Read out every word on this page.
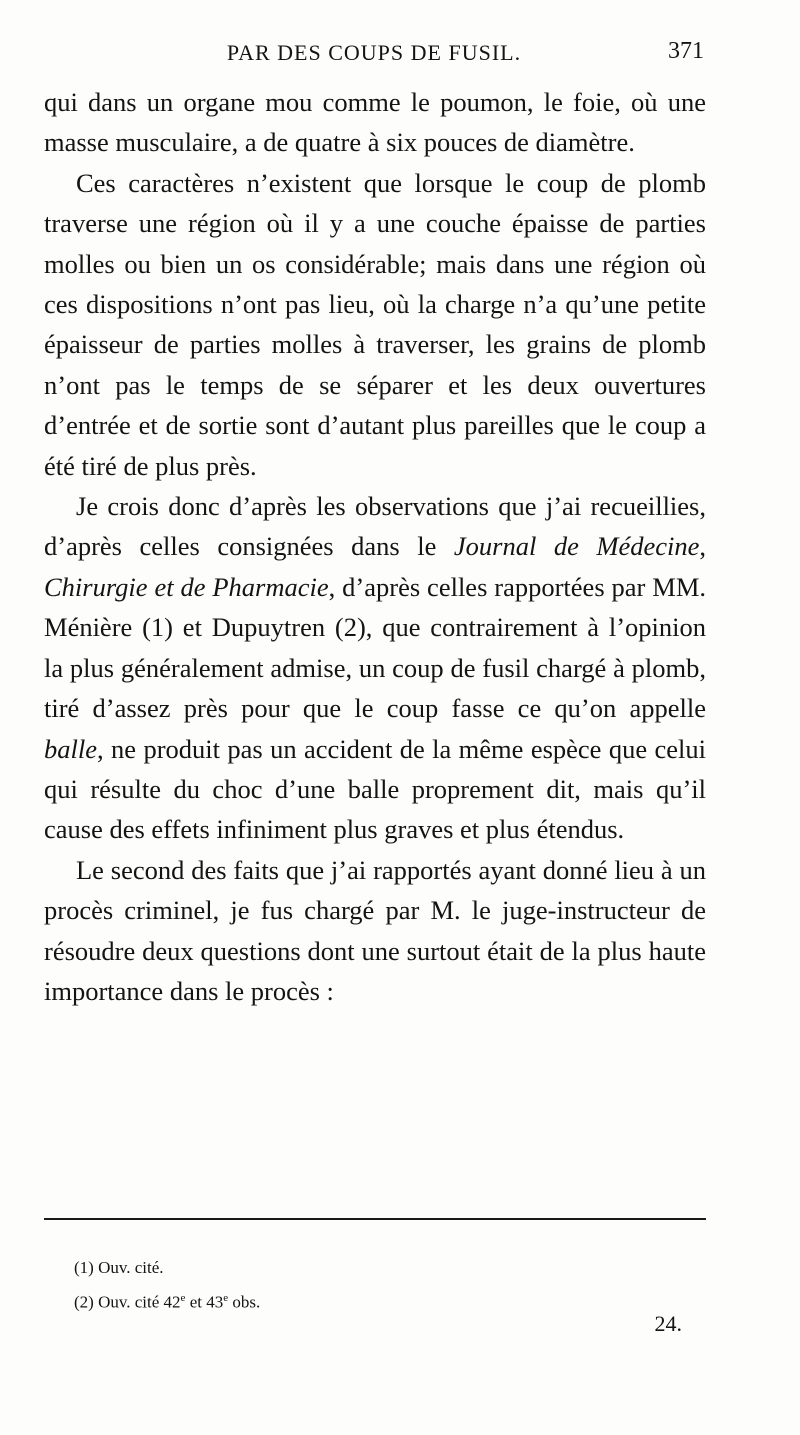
PAR DES COUPS DE FUSIL.	371

qui dans un organe mou comme le poumon, le foie, où une masse musculaire, a de quatre à six pouces de diamètre.

Ces caractères n’existent que lorsque le coup de plomb traverse une région où il y a une couche épaisse de parties molles ou bien un os considérable; mais dans une région où ces dispositions n’ont pas lieu, où la charge n’a qu’une petite épaisseur de parties molles à traverser, les grains de plomb n’ont pas le temps de se séparer et les deux ouvertures d’entrée et de sortie sont d’autant plus pareilles que le coup a été tiré de plus près.

Je crois donc d’après les observations que j’ai recueillies, d’après celles consignées dans le Journal de Médecine, Chirurgie et de Pharmacie, d’après celles rapportées par MM. Ménière (1) et Dupuytren (2), que contrairement à l’opinion la plus généralement admise, un coup de fusil chargé à plomb, tiré d’assez près pour que le coup fasse ce qu’on appelle balle, ne produit pas un accident de la même espèce que celui qui résulte du choc d’une balle proprement dit, mais qu’il cause des effets infiniment plus graves et plus étendus.

Le second des faits que j’ai rapportés ayant donné lieu à un procès criminel, je fus chargé par M. le juge-instructeur de résoudre deux questions dont une surtout était de la plus haute importance dans le procès :

(1) Ouv. cité.
(2) Ouv. cité 42e et 43e obs.
24.
